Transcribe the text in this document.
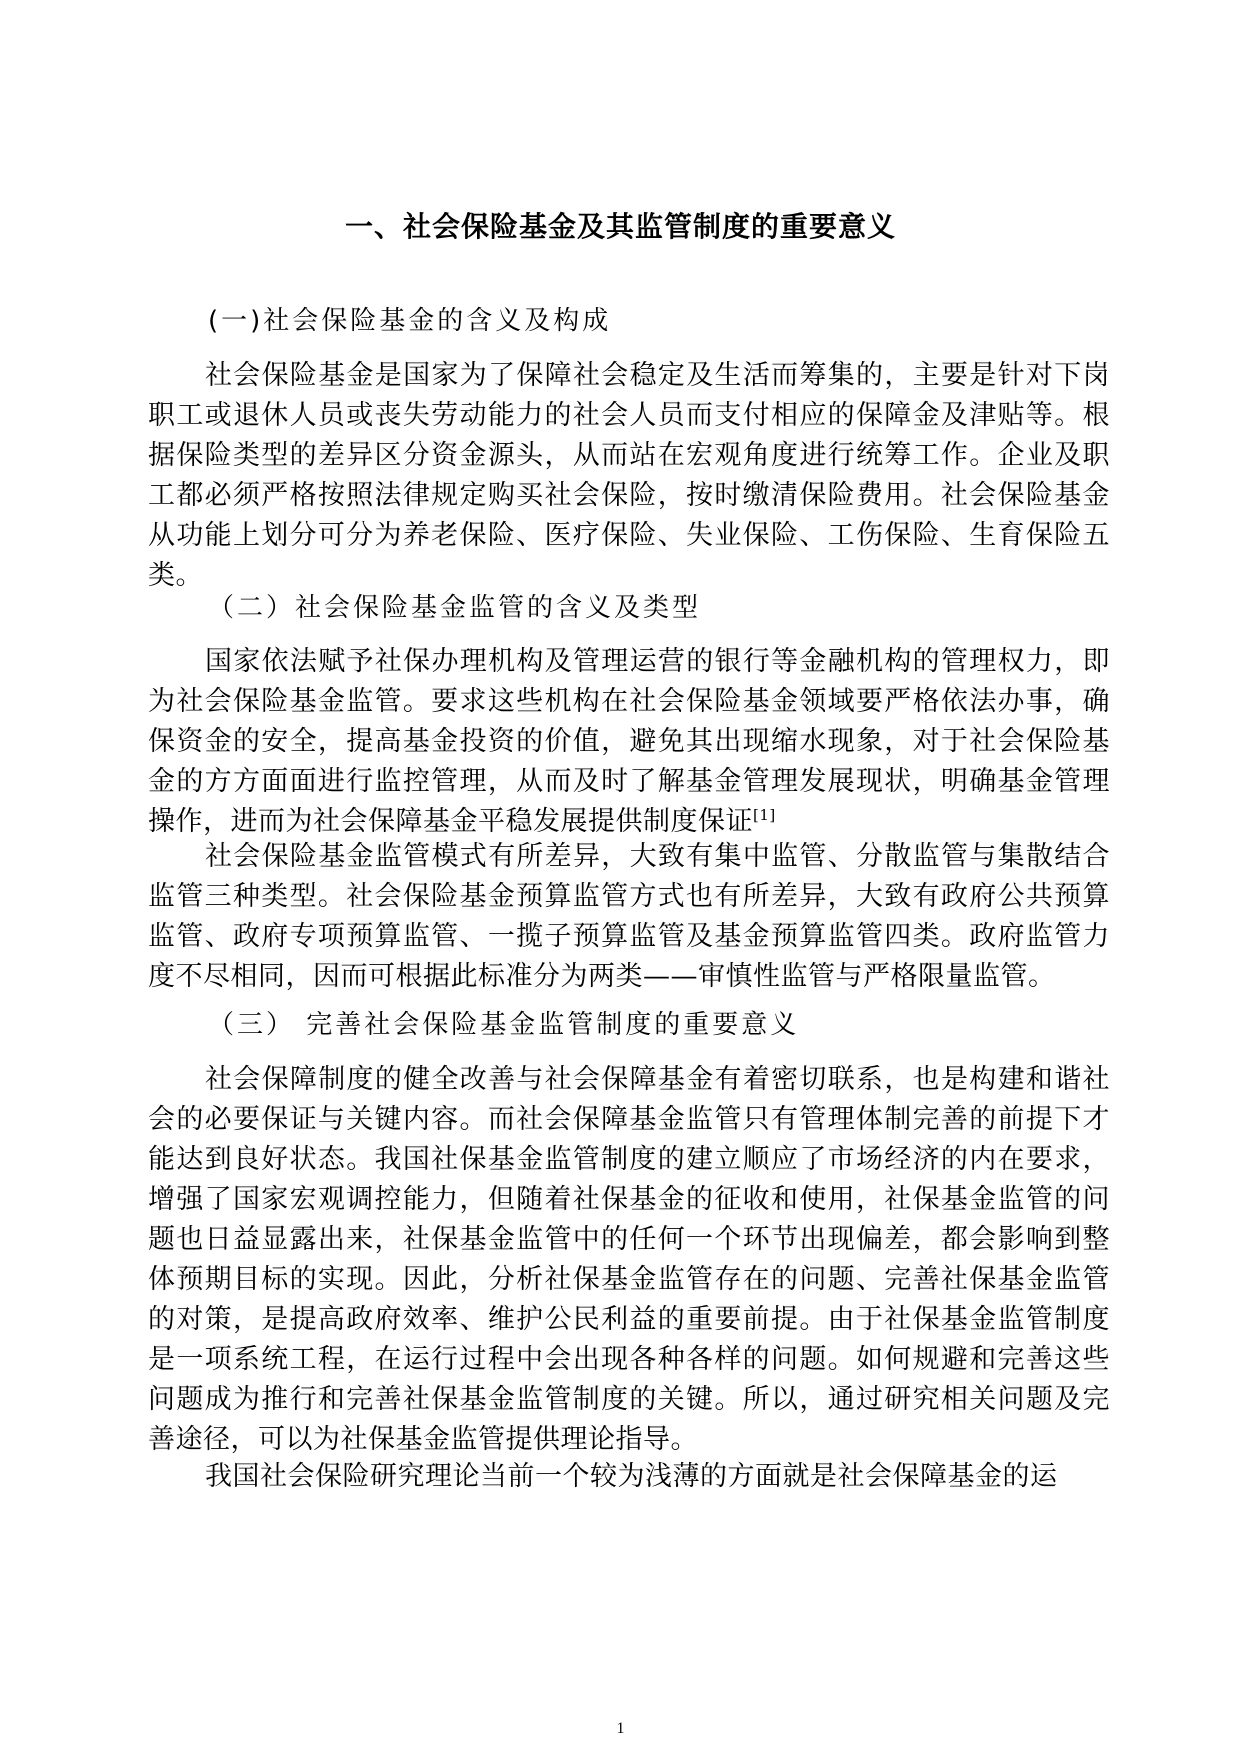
一、社会保险基金及其监管制度的重要意义
(一)社会保险基金的含义及构成
社会保险基金是国家为了保障社会稳定及生活而筹集的，主要是针对下岗职工或退休人员或丧失劳动能力的社会人员而支付相应的保障金及津贴等。根据保险类型的差异区分资金源头，从而站在宏观角度进行统筹工作。企业及职工都必须严格按照法律规定购买社会保险，按时缴清保险费用。社会保险基金从功能上划分可分为养老保险、医疗保险、失业保险、工伤保险、生育保险五类。
（二）社会保险基金监管的含义及类型
国家依法赋予社保办理机构及管理运营的银行等金融机构的管理权力，即为社会保险基金监管。要求这些机构在社会保险基金领域要严格依法办事，确保资金的安全，提高基金投资的价值，避免其出现缩水现象，对于社会保险基金的方方面面进行监控管理，从而及时了解基金管理发展现状，明确基金管理操作，进而为社会保障基金平稳发展提供制度保证[1]
社会保险基金监管模式有所差异，大致有集中监管、分散监管与集散结合监管三种类型。社会保险基金预算监管方式也有所差异，大致有政府公共预算监管、政府专项预算监管、一揽子预算监管及基金预算监管四类。政府监管力度不尽相同，因而可根据此标准分为两类——审慎性监管与严格限量监管。
（三） 完善社会保险基金监管制度的重要意义
社会保障制度的健全改善与社会保障基金有着密切联系，也是构建和谐社会的必要保证与关键内容。而社会保障基金监管只有管理体制完善的前提下才能达到良好状态。我国社保基金监管制度的建立顺应了市场经济的内在要求，增强了国家宏观调控能力，但随着社保基金的征收和使用，社保基金监管的问题也日益显露出来，社保基金监管中的任何一个环节出现偏差，都会影响到整体预期目标的实现。因此，分析社保基金监管存在的问题、完善社保基金监管的对策，是提高政府效率、维护公民利益的重要前提。由于社保基金监管制度是一项系统工程，在运行过程中会出现各种各样的问题。如何规避和完善这些问题成为推行和完善社保基金监管制度的关键。所以，通过研究相关问题及完善途径，可以为社保基金监管提供理论指导。
我国社会保险研究理论当前一个较为浅薄的方面就是社会保障基金的运
1
